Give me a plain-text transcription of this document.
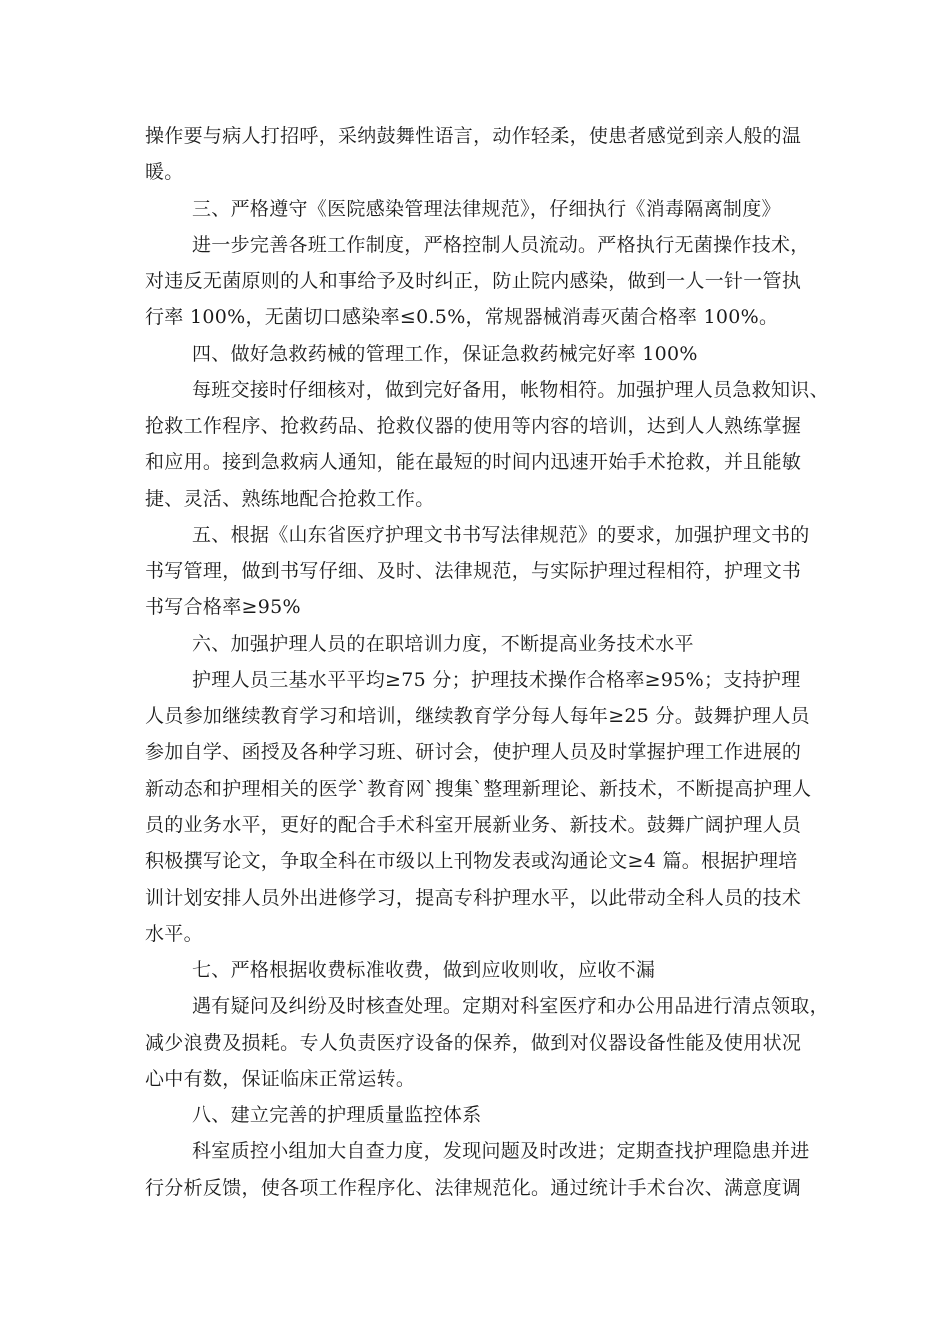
操作要与病人打招呼，采纳鼓舞性语言，动作轻柔，使患者感觉到亲人般的温
暖。
三、严格遵守《医院感染管理法律规范》，仔细执行《消毒隔离制度》
进一步完善各班工作制度，严格控制人员流动。严格执行无菌操作技术，
对违反无菌原则的人和事给予及时纠正，防止院内感染，做到一人一针一管执
行率 100%，无菌切口感染率≤0.5%，常规器械消毒灭菌合格率 100%。
四、做好急救药械的管理工作，保证急救药械完好率 100%
每班交接时仔细核对，做到完好备用，帐物相符。加强护理人员急救知识、
抢救工作程序、抢救药品、抢救仪器的使用等内容的培训，达到人人熟练掌握
和应用。接到急救病人通知，能在最短的时间内迅速开始手术抢救，并且能敏
捷、灵活、熟练地配合抢救工作。
五、根据《山东省医疗护理文书书写法律规范》的要求，加强护理文书的
书写管理，做到书写仔细、及时、法律规范，与实际护理过程相符，护理文书
书写合格率≥95%
六、加强护理人员的在职培训力度，不断提高业务技术水平
护理人员三基水平平均≥75 分；护理技术操作合格率≥95%；支持护理
人员参加继续教育学习和培训，继续教育学分每人每年≥25 分。鼓舞护理人员
参加自学、函授及各种学习班、研讨会，使护理人员及时掌握护理工作进展的
新动态和护理相关的医学`教育网`搜集`整理新理论、新技术，不断提高护理人
员的业务水平，更好的配合手术科室开展新业务、新技术。鼓舞广阔护理人员
积极撰写论文，争取全科在市级以上刊物发表或沟通论文≥4 篇。根据护理培
训计划安排人员外出进修学习，提高专科护理水平，以此带动全科人员的技术
水平。
七、严格根据收费标准收费，做到应收则收，应收不漏
遇有疑问及纠纷及时核查处理。定期对科室医疗和办公用品进行清点领取，
减少浪费及损耗。专人负责医疗设备的保养，做到对仪器设备性能及使用状况
心中有数，保证临床正常运转。
八、建立完善的护理质量监控体系
科室质控小组加大自查力度，发现问题及时改进；定期查找护理隐患并进
行分析反馈，使各项工作程序化、法律规范化。通过统计手术台次、满意度调
